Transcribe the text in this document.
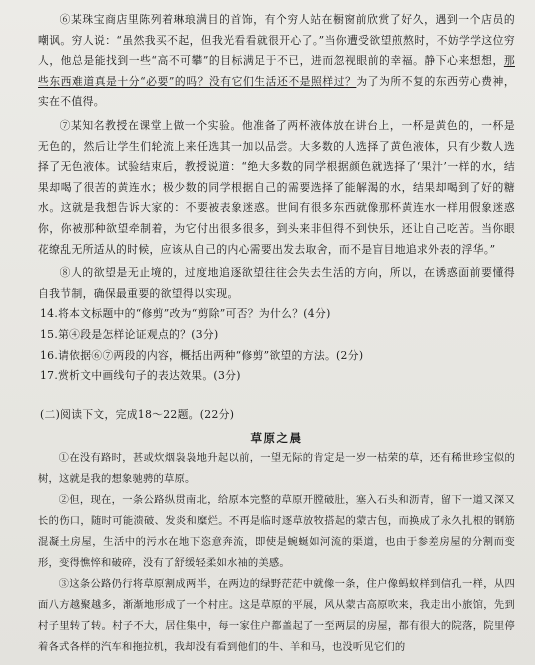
⑥某珠宝商店里陈列着琳琅满目的首饰，有个穷人站在橱窗前欣赏了好久，遇到一个店员的嘲讽。穷人说：“虽然我买不起，但我光看看就很开心了。”当你遭受欲望煎熬时，不妨学学这位穷人，他总是能找到一些“高不可攀”的目标满足于不已，进而忽视眼前的幸福。静下心来想想，那些东西难道真是十分“必要”的吗？没有它们生活还不是照样过？为了为所不复的东西劳心费神，实在不值得。

⑦某知名教授在课堂上做一个实验。他准备了两杯液体放在讲台上，一杯是黄色的，一杯是无色的，然后让学生们轮流上来任选其一加以品尝。大多数的人选择了黄色液体，只有少数人选择了无色液体。试验结束后，教授说道：“绝大多数的同学根据颜色就选择了‘果汁’一样的水，结果却喝了很苦的黄连水；极少数的同学根据自己的需要选择了能解渴的水，结果却喝到了好的糖水。这就是我想告诉大家的：不要被表象迷惑。世间有很多东西就像那杯黄连水一样用假象迷惑你，你被那种欲望牵制着，为它付出很多很多，到头来非但得不到快乐，还让自己吃苦。当你眼花缭乱无所适从的时候，应该从自己的内心需要出发去取舍，而不是盲目地追求外表的浮华。”

⑧人的欲望是无止境的，过度地追逐欲望往往会失去生活的方向，所以，在诱惑面前要懂得自我节制，确保最重要的欲望得以实现。

14.将本文标题中的“修剪”改为“剪除”可否？为什么？(4分)

15.第④段是怎样论证观点的？(3分)

16.请依据⑥⑦两段的内容，概括出两种“修剪”欲望的方法。(2分)

17.赏析文中画线句子的表达效果。(3分)

(二)阅读下文，完成18～22题。(22分)

草原之晨

①在没有路时，甚或炊烟袅袅地升起以前，一望无际的肯定是一岁一枯荣的草，还有稀世珍宝似的树，这就是我的想象驰骋的草原。

②但，现在，一条公路纵贯南北，给原本完整的草原开膛破肚，塞入石头和沥青，留下一道又深又长的伤口，随时可能溃破、发炎和糜烂。不再是临时逐草放牧搭起的蒙古包，而换成了永久扎根的钢筋混凝土房屋，生活中的污水在地下恣意奔流，即使是蜿蜒如河流的渠道，也由于参差房屋的分割而变形，变得憔悴和破碎，没有了舒缓轻柔如水袖的美感。

③这条公路仍行将草原割成两半，在两边的绿野茫茫中就像一条，住户像蚂蚁样到信孔一样，从四面八方越聚越多，渐渐地形成了一个村庄。这是草原的平展，风从蒙古高原吹来，我走出小旅馆，先到村子里转了转。村子不大，居住集中，每一家住户都盖起了一至两层的房屋，都有很大的院落，院里停着各式各样的汽车和拖拉机，我却没有看到他们的牛、羊和马，也没听见它们的
